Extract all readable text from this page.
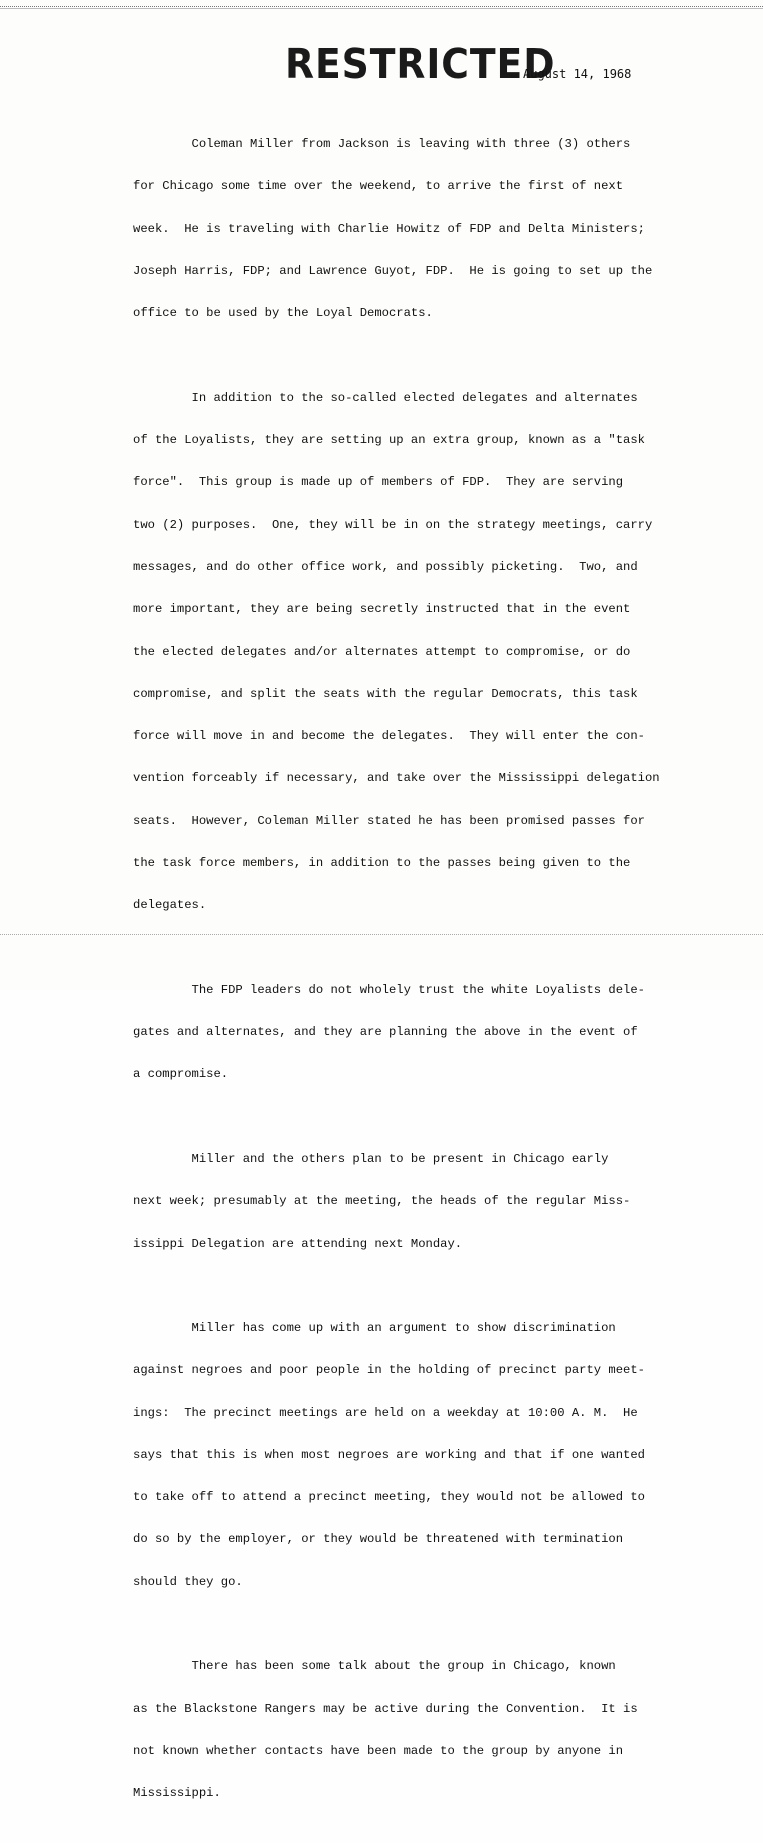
RESTRICTED
August 14, 1968

Coleman Miller from Jackson is leaving with three (3) others

for Chicago some time over the weekend, to arrive the first of next

week.  He is traveling with Charlie Howitz of FDP and Delta Ministers;

Joseph Harris, FDP; and Lawrence Guyot, FDP.  He is going to set up the

office to be used by the Loyal Democrats.

In addition to the so-called elected delegates and alternates

of the Loyalists, they are setting up an extra group, known as a "task

force".  This group is made up of members of FDP.  They are serving

two (2) purposes.  One, they will be in on the strategy meetings, carry

messages, and do other office work, and possibly picketing.  Two, and

more important, they are being secretly instructed that in the event

the elected delegates and/or alternates attempt to compromise, or do

compromise, and split the seats with the regular Democrats, this task

force will move in and become the delegates.  They will enter the con-

vention forceably if necessary, and take over the Mississippi delegation

seats.  However, Coleman Miller stated he has been promised passes for

the task force members, in addition to the passes being given to the

delegates.

The FDP leaders do not wholely trust the white Loyalists dele-

gates and alternates, and they are planning the above in the event of

a compromise.

Miller and the others plan to be present in Chicago early

next week; presumably at the meeting, the heads of the regular Miss-

issippi Delegation are attending next Monday.

Miller has come up with an argument to show discrimination

against negroes and poor people in the holding of precinct party meet-

ings:  The precinct meetings are held on a weekday at 10:00 A. M.  He

says that this is when most negroes are working and that if one wanted

to take off to attend a precinct meeting, they would not be allowed to

do so by the employer, or they would be threatened with termination

should they go.

There has been some talk about the group in Chicago, known

as the Blackstone Rangers may be active during the Convention.  It is

not known whether contacts have been made to the group by anyone in

Mississippi.
